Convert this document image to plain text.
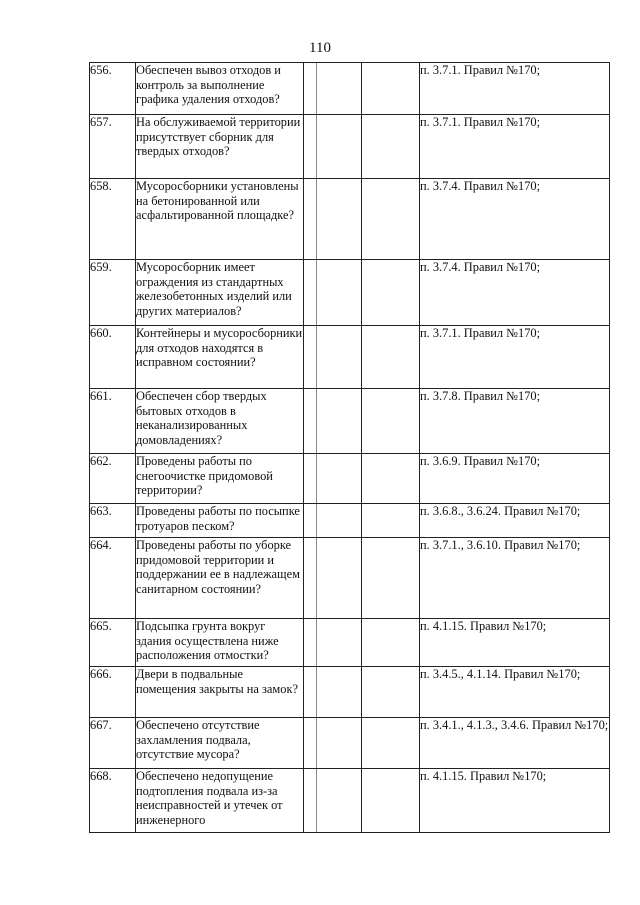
110
656.	Обеспечен вывоз отходов и контроль за выполнение графика удаления отходов?			п. 3.7.1. Правил №170;
657.	На обслуживаемой территории присутствует сборник для твердых отходов?			п. 3.7.1. Правил №170;
658.	Мусоросборники установлены на бетонированной или асфальтированной площадке?			п. 3.7.4. Правил №170;
659.	Мусоросборник имеет ограждения из стандартных железобетонных изделий или других материалов?			п. 3.7.4. Правил №170;
660.	Контейнеры и мусоросборники для отходов находятся в исправном состоянии?			п. 3.7.1. Правил №170;
661.	Обеспечен сбор твердых бытовых отходов в неканализированных домовладениях?			п. 3.7.8. Правил №170;
662.	Проведены работы по снегоочистке придомовой территории?			п. 3.6.9. Правил №170;
663.	Проведены работы по посыпке тротуаров песком?			п. 3.6.8., 3.6.24. Правил №170;
664.	Проведены работы по уборке придомовой территории и поддержании ее в надлежащем санитарном состоянии?			п. 3.7.1., 3.6.10. Правил №170;
665.	Подсыпка грунта вокруг здания осуществлена ниже расположения отмостки?			п. 4.1.15. Правил №170;
666.	Двери в подвальные помещения закрыты на замок?			п. 3.4.5., 4.1.14. Правил №170;
667.	Обеспечено отсутствие захламления подвала, отсутствие мусора?			п. 3.4.1., 4.1.3., 3.4.6. Правил №170;
668.	Обеспечено недопущение подтопления подвала из-за неисправностей и утечек от инженерного			п. 4.1.15. Правил №170;
